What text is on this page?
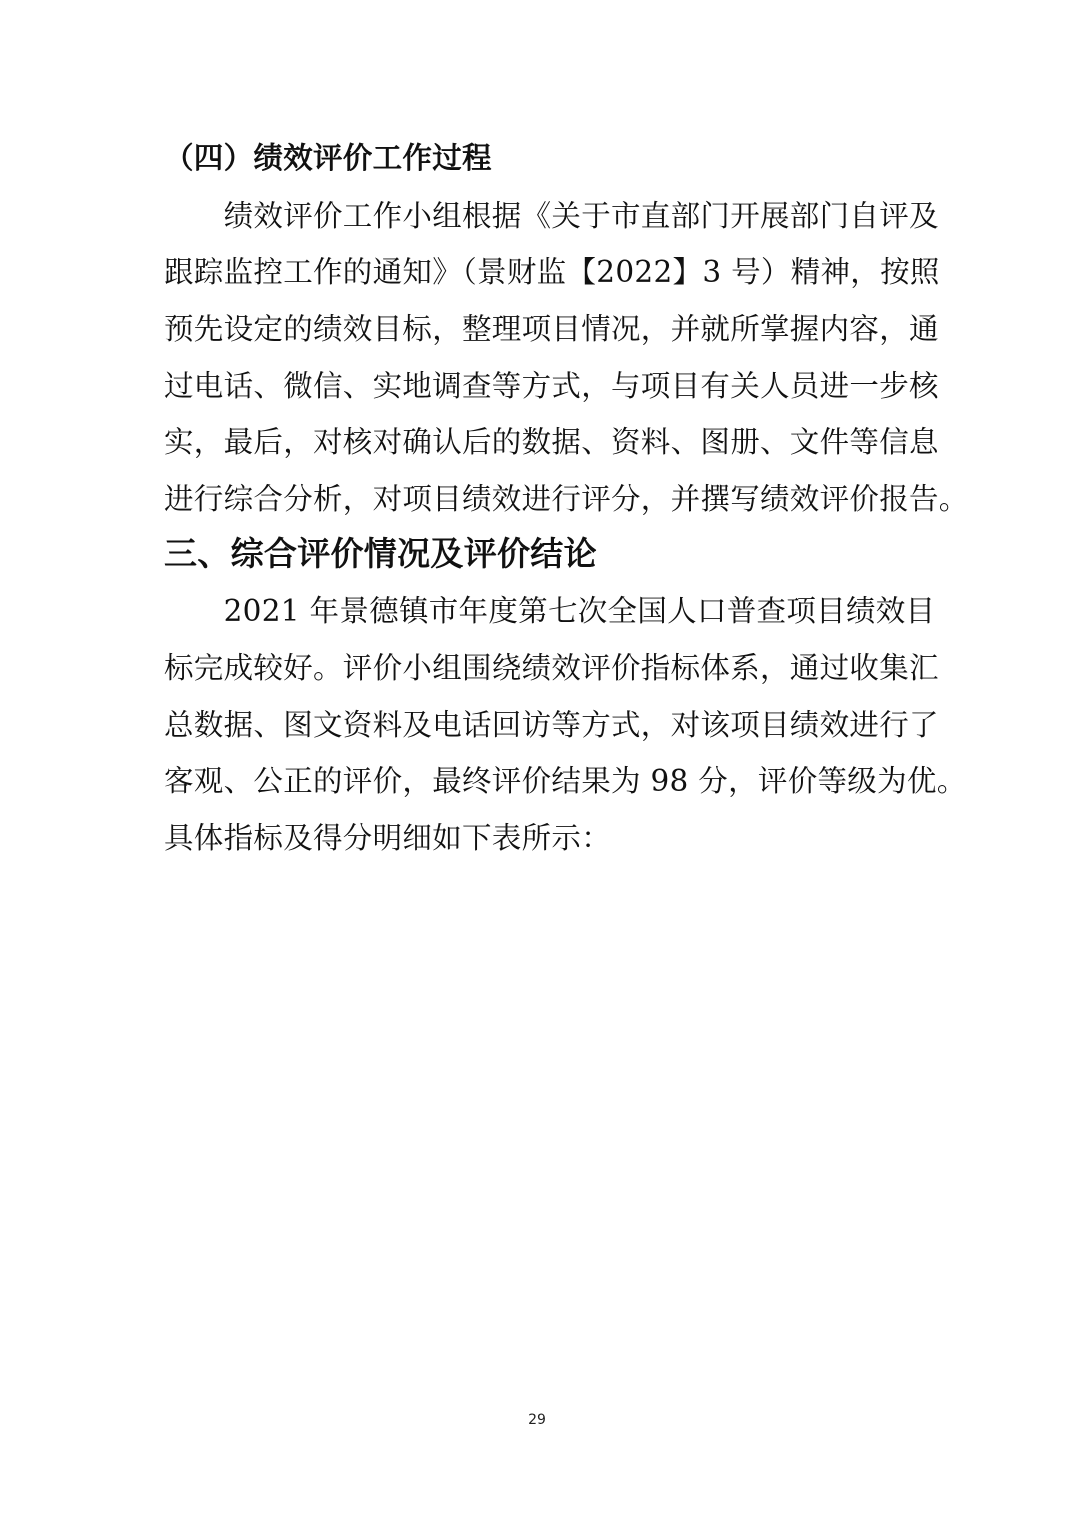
（四）绩效评价工作过程
　　绩效评价工作小组根据《关于市直部门开展部门自评及
跟踪监控工作的通知》（景财监【2022】3 号）精神，按照
预先设定的绩效目标，整理项目情况，并就所掌握内容，通
过电话、微信、实地调查等方式，与项目有关人员进一步核
实，最后，对核对确认后的数据、资料、图册、文件等信息
进行综合分析，对项目绩效进行评分，并撰写绩效评价报告。
三、综合评价情况及评价结论
　　2021 年景德镇市年度第七次全国人口普查项目绩效目
标完成较好。评价小组围绕绩效评价指标体系，通过收集汇
总数据、图文资料及电话回访等方式，对该项目绩效进行了
客观、公正的评价，最终评价结果为 98 分，评价等级为优。
具体指标及得分明细如下表所示：
29
